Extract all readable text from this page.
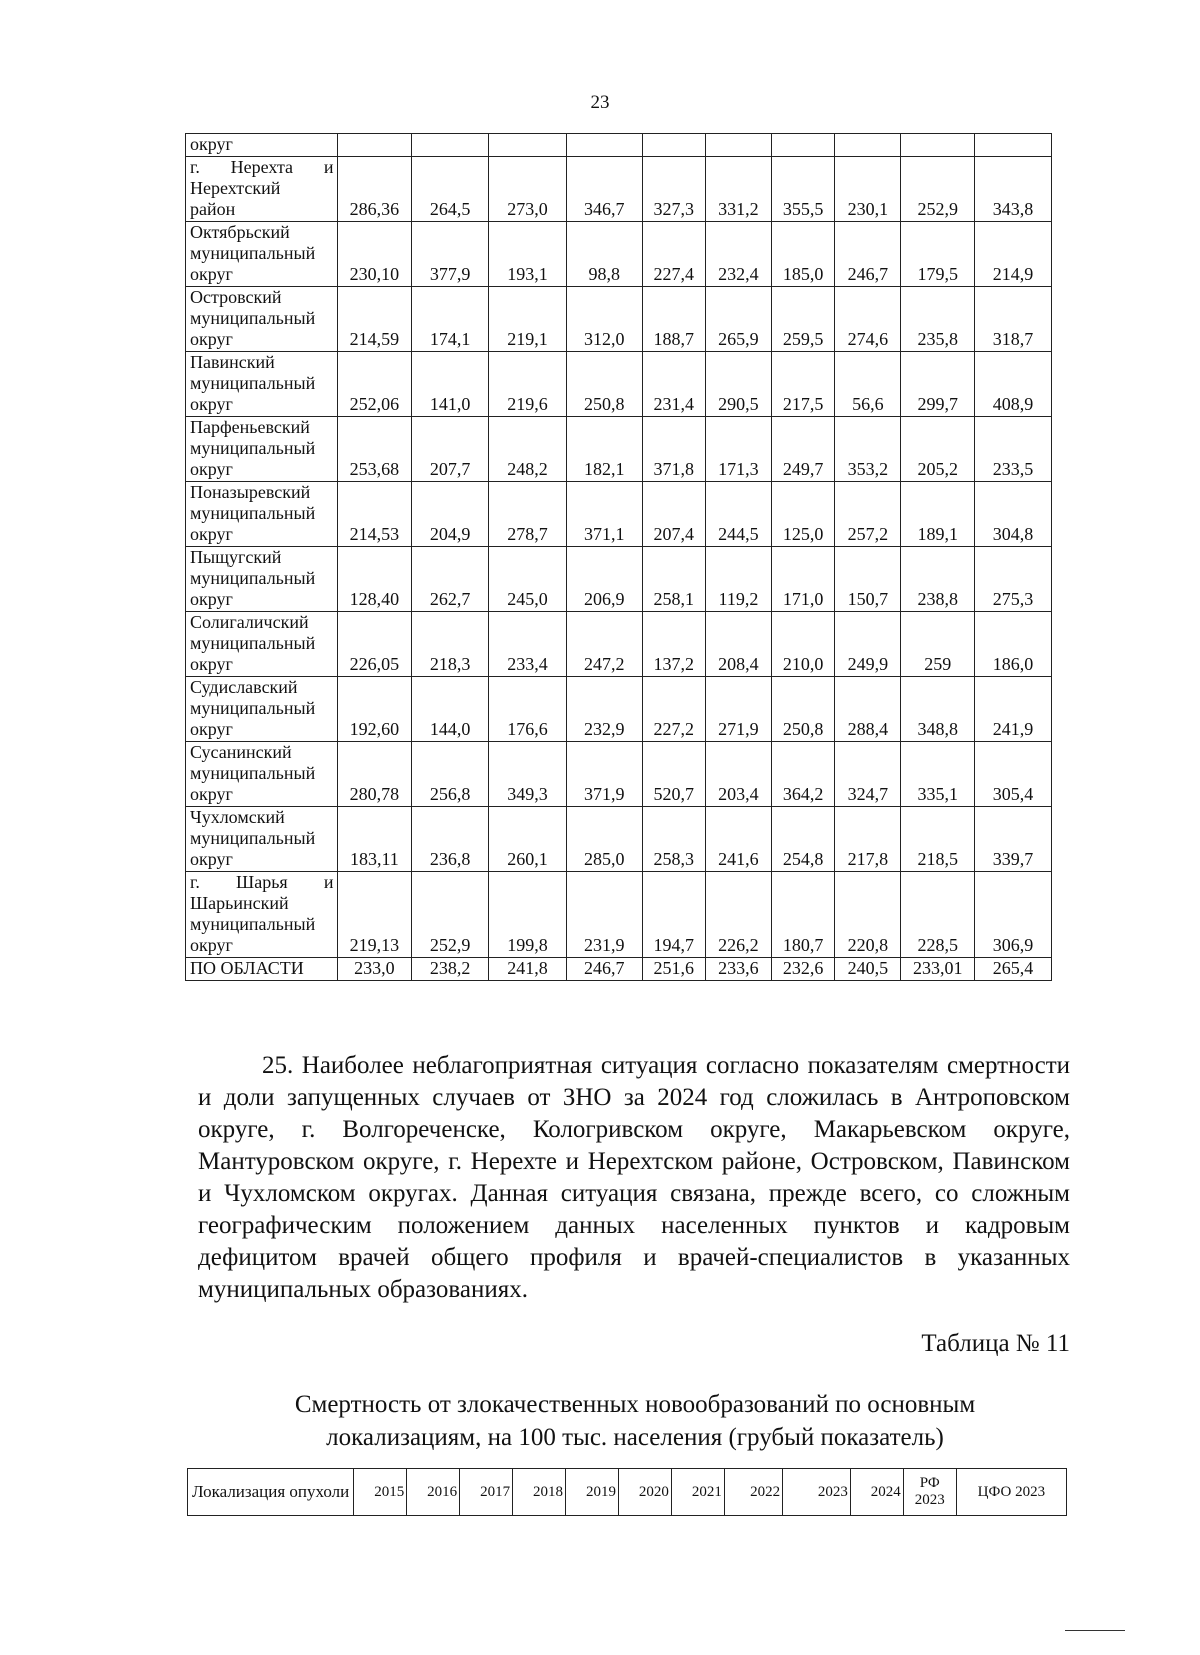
23
округ										

г. Нерехта и
Нерехтский
район	286,36	264,5	273,0	346,7	327,3	331,2	355,5	230,1	252,9	343,8

Октябрьский
муниципальный
округ	230,10	377,9	193,1	98,8	227,4	232,4	185,0	246,7	179,5	214,9

Островский
муниципальный
округ	214,59	174,1	219,1	312,0	188,7	265,9	259,5	274,6	235,8	318,7

Павинский
муниципальный
округ	252,06	141,0	219,6	250,8	231,4	290,5	217,5	56,6	299,7	408,9

Парфеньевский
муниципальный
округ	253,68	207,7	248,2	182,1	371,8	171,3	249,7	353,2	205,2	233,5

Поназыревский
муниципальный
округ	214,53	204,9	278,7	371,1	207,4	244,5	125,0	257,2	189,1	304,8

Пыщугский
муниципальный
округ	128,40	262,7	245,0	206,9	258,1	119,2	171,0	150,7	238,8	275,3

Солигаличский
муниципальный
округ	226,05	218,3	233,4	247,2	137,2	208,4	210,0	249,9	259	186,0

Судиславский
муниципальный
округ	192,60	144,0	176,6	232,9	227,2	271,9	250,8	288,4	348,8	241,9

Сусанинский
муниципальный
округ	280,78	256,8	349,3	371,9	520,7	203,4	364,2	324,7	335,1	305,4

Чухломский
муниципальный
округ	183,11	236,8	260,1	285,0	258,3	241,6	254,8	217,8	218,5	339,7

г. Шарья и
Шарьинский
муниципальный
округ	219,13	252,9	199,8	231,9	194,7	226,2	180,7	220,8	228,5	306,9

ПО ОБЛАСТИ	233,0	238,2	241,8	246,7	251,6	233,6	232,6	240,5	233,01	265,4

25. Наиболее неблагоприятная ситуация согласно показателям смертности и доли запущенных случаев от ЗНО за 2024 год сложилась в Антроповском округе, г. Волгореченске, Кологривском округе, Макарьевском округе, Мантуровском округе, г. Нерехте и Нерехтском районе, Островском, Павинском и Чухломском округах. Данная ситуация связана, прежде всего, со сложным географическим положением данных населенных пунктов и кадровым дефицитом врачей общего профиля и врачей-специалистов в указанных муниципальных образованиях.

Таблица № 11
Смертность от злокачественных новообразований по основным
локализациям, на 100 тыс. населения (грубый показатель)
Локализация опухоли	2015	2016	2017	2018	2019	2020	2021	2022	2023	2024	РФ 2023	ЦФО 2023
